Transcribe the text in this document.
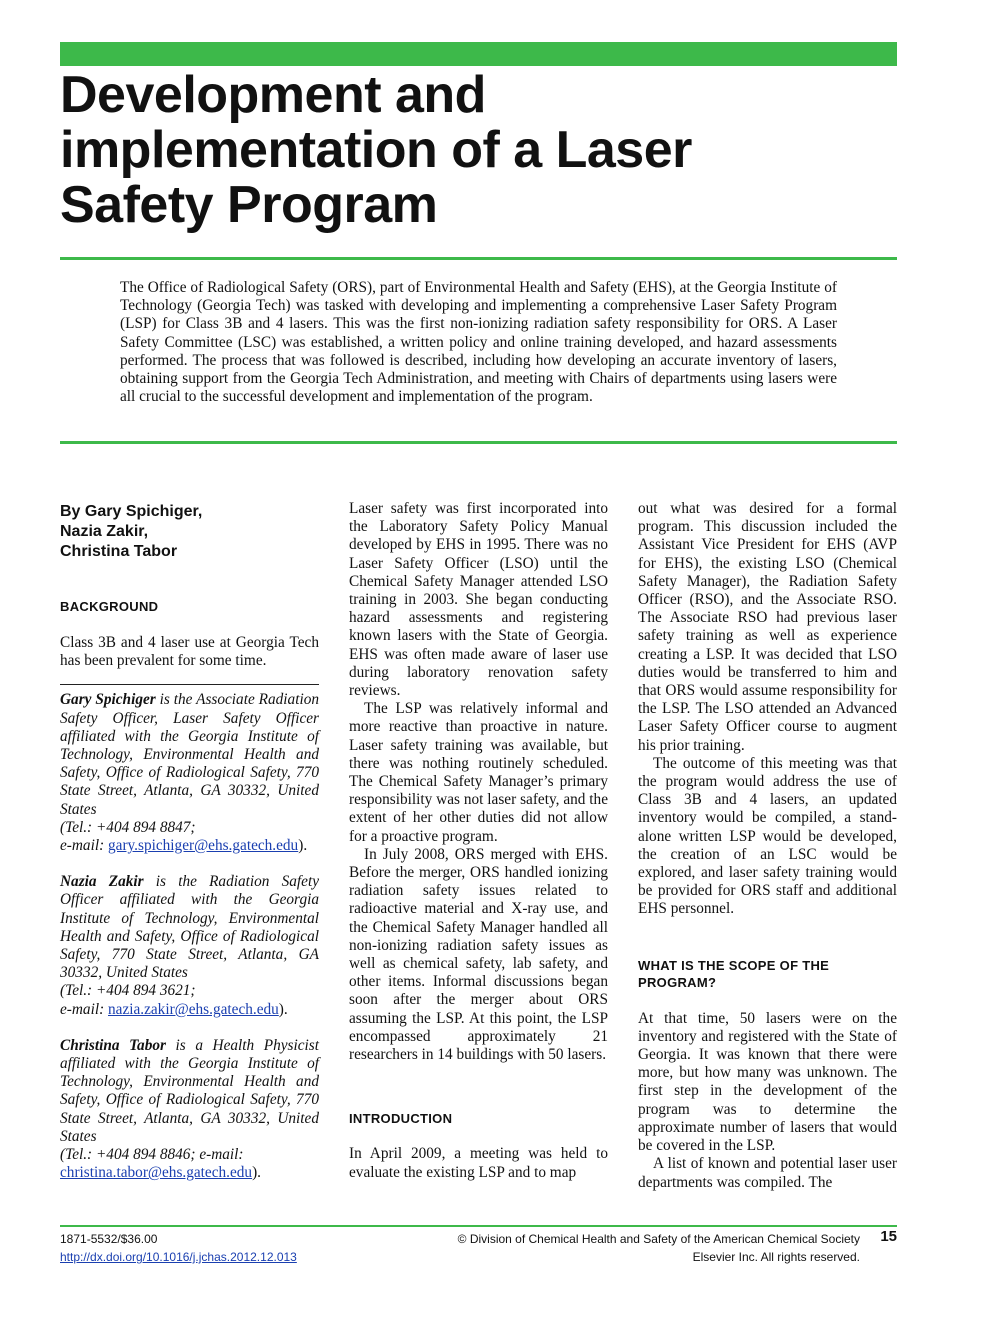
Development and implementation of a Laser Safety Program

The Office of Radiological Safety (ORS), part of Environmental Health and Safety (EHS), at the Georgia Institute of Technology (Georgia Tech) was tasked with developing and implementing a comprehensive Laser Safety Program (LSP) for Class 3B and 4 lasers. This was the first non-ionizing radiation safety responsibility for ORS. A Laser Safety Committee (LSC) was established, a written policy and online training developed, and hazard assessments performed. The process that was followed is described, including how developing an accurate inventory of lasers, obtaining support from the Georgia Tech Administration, and meeting with Chairs of departments using lasers were all crucial to the successful development and implementation of the program.

By Gary Spichiger,
Nazia Zakir,
Christina Tabor
BACKGROUND

Class 3B and 4 laser use at Georgia Tech has been prevalent for some time.

Gary Spichiger is the Associate Radiation Safety Officer, Laser Safety Officer affiliated with the Georgia Institute of Technology, Environmental Health and Safety, Office of Radiological Safety, 770 State Street, Atlanta, GA 30332, United States
(Tel.: +404 894 8847;
e-mail: gary.spichiger@ehs.gatech.edu).

Nazia Zakir is the Radiation Safety Officer affiliated with the Georgia Institute of Technology, Environmental Health and Safety, Office of Radiological Safety, 770 State Street, Atlanta, GA 30332, United States
(Tel.: +404 894 3621;
e-mail: nazia.zakir@ehs.gatech.edu).

Christina Tabor is a Health Physicist affiliated with the Georgia Institute of Technology, Environmental Health and Safety, Office of Radiological Safety, 770 State Street, Atlanta, GA 30332, United States
(Tel.: +404 894 8846; e-mail:
christina.tabor@ehs.gatech.edu).

Laser safety was first incorporated into the Laboratory Safety Policy Manual developed by EHS in 1995. There was no Laser Safety Officer (LSO) until the Chemical Safety Manager attended LSO training in 2003. She began conducting hazard assessments and registering known lasers with the State of Georgia. EHS was often made aware of laser use during laboratory renovation safety reviews.

The LSP was relatively informal and more reactive than proactive in nature. Laser safety training was available, but there was nothing routinely scheduled. The Chemical Safety Manager’s primary responsibility was not laser safety, and the extent of her other duties did not allow for a proactive program.

In July 2008, ORS merged with EHS. Before the merger, ORS handled ionizing radiation safety issues related to radioactive material and X-ray use, and the Chemical Safety Manager handled all non-ionizing radiation safety issues as well as chemical safety, lab safety, and other items. Informal discussions began soon after the merger about ORS assuming the LSP. At this point, the LSP encompassed approximately 21 researchers in 14 buildings with 50 lasers.

INTRODUCTION

In April 2009, a meeting was held to evaluate the existing LSP and to map

out what was desired for a formal program. This discussion included the Assistant Vice President for EHS (AVP for EHS), the existing LSO (Chemical Safety Manager), the Radiation Safety Officer (RSO), and the Associate RSO. The Associate RSO had previous laser safety training as well as experience creating a LSP. It was decided that LSO duties would be transferred to him and that ORS would assume responsibility for the LSP. The LSO attended an Advanced Laser Safety Officer course to augment his prior training.

The outcome of this meeting was that the program would address the use of Class 3B and 4 lasers, an updated inventory would be compiled, a stand-alone written LSP would be developed, the creation of an LSC would be explored, and laser safety training would be provided for ORS staff and additional EHS personnel.

WHAT IS THE SCOPE OF THE PROGRAM?

At that time, 50 lasers were on the inventory and registered with the State of Georgia. It was known that there were more, but how many was unknown. The first step in the development of the program was to determine the approximate number of lasers that would be covered in the LSP.

A list of known and potential laser user departments was compiled. The

1871-5532/$36.00
http://dx.doi.org/10.1016/j.jchas.2012.12.013
© Division of Chemical Health and Safety of the American Chemical Society
Elsevier Inc. All rights reserved.
15
